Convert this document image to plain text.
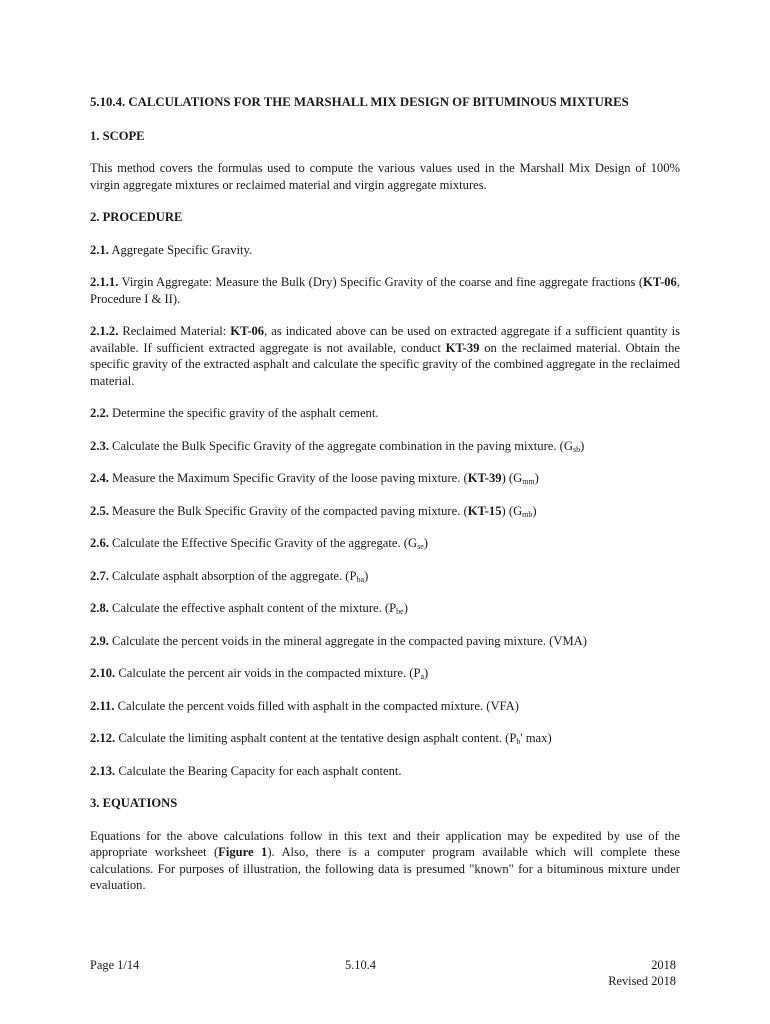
5.10.4. CALCULATIONS FOR THE MARSHALL MIX DESIGN OF BITUMINOUS MIXTURES
1. SCOPE

This method covers the formulas used to compute the various values used in the Marshall Mix Design of 100% virgin aggregate mixtures or reclaimed material and virgin aggregate mixtures.

2. PROCEDURE

2.1. Aggregate Specific Gravity.

2.1.1. Virgin Aggregate: Measure the Bulk (Dry) Specific Gravity of the coarse and fine aggregate fractions (KT-06, Procedure I & II).

2.1.2. Reclaimed Material: KT-06, as indicated above can be used on extracted aggregate if a sufficient quantity is available. If sufficient extracted aggregate is not available, conduct KT-39 on the reclaimed material. Obtain the specific gravity of the extracted asphalt and calculate the specific gravity of the combined aggregate in the reclaimed material.

2.2. Determine the specific gravity of the asphalt cement.

2.3. Calculate the Bulk Specific Gravity of the aggregate combination in the paving mixture. $(G_{sb})$

2.4. Measure the Maximum Specific Gravity of the loose paving mixture. (KT-39) $(G_{mm})$

2.5. Measure the Bulk Specific Gravity of the compacted paving mixture. (KT-15) $(G_{mb})$

2.6. Calculate the Effective Specific Gravity of the aggregate. $(G_{se})$

2.7. Calculate asphalt absorption of the aggregate. $(P_{ba})$

2.8. Calculate the effective asphalt content of the mixture. $(P_{be})$

2.9. Calculate the percent voids in the mineral aggregate in the compacted paving mixture. (VMA)

2.10. Calculate the percent air voids in the compacted mixture. $(P_a)$

2.11. Calculate the percent voids filled with asphalt in the compacted mixture. (VFA)

2.12. Calculate the limiting asphalt content at the tentative design asphalt content. ($P_b'$ max)

2.13. Calculate the Bearing Capacity for each asphalt content.

3. EQUATIONS

Equations for the above calculations follow in this text and their application may be expedited by use of the appropriate worksheet (Figure 1). Also, there is a computer program available which will complete these calculations. For purposes of illustration, the following data is presumed "known" for a bituminous mixture under evaluation.

Page 1/14	5.10.4	2018
Revised 2018
